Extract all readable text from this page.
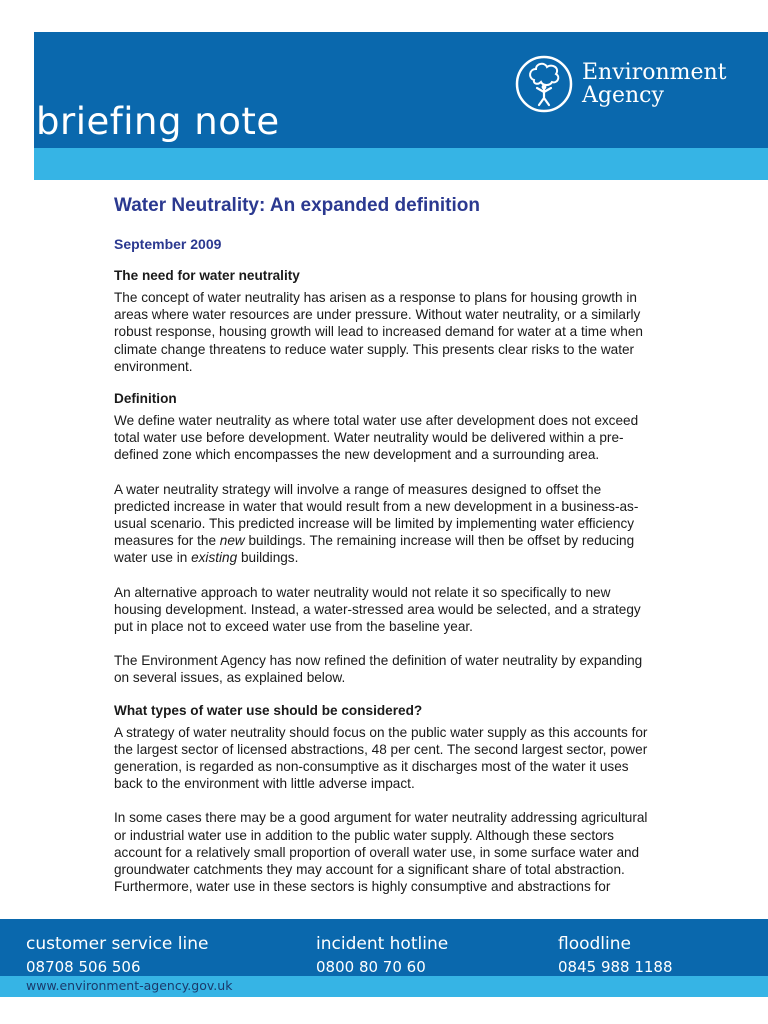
briefing note
Environment
Agency
Water Neutrality: An expanded definition
September 2009
The need for water neutrality

The concept of water neutrality has arisen as a response to plans for housing growth in areas where water resources are under pressure. Without water neutrality, or a similarly robust response, housing growth will lead to increased demand for water at a time when climate change threatens to reduce water supply. This presents clear risks to the water environment.

Definition

We define water neutrality as where total water use after development does not exceed total water use before development. Water neutrality would be delivered within a pre-defined zone which encompasses the new development and a surrounding area.

A water neutrality strategy will involve a range of measures designed to offset the predicted increase in water that would result from a new development in a business-as-usual scenario. This predicted increase will be limited by implementing water efficiency measures for the new buildings. The remaining increase will then be offset by reducing water use in existing buildings.

An alternative approach to water neutrality would not relate it so specifically to new housing development. Instead, a water-stressed area would be selected, and a strategy put in place not to exceed water use from the baseline year.

The Environment Agency has now refined the definition of water neutrality by expanding on several issues, as explained below.

What types of water use should be considered?

A strategy of water neutrality should focus on the public water supply as this accounts for the largest sector of licensed abstractions, 48 per cent. The second largest sector, power generation, is regarded as non-consumptive as it discharges most of the water it uses back to the environment with little adverse impact.

In some cases there may be a good argument for water neutrality addressing agricultural or industrial water use in addition to the public water supply. Although these sectors account for a relatively small proportion of overall water use, in some surface water and groundwater catchments they may account for a significant share of total abstraction. Furthermore, water use in these sectors is highly consumptive and abstractions for

customer service line
08708 506 506
incident hotline
0800 80 70 60
floodline
0845 988 1188
www.environment-agency.gov.uk
